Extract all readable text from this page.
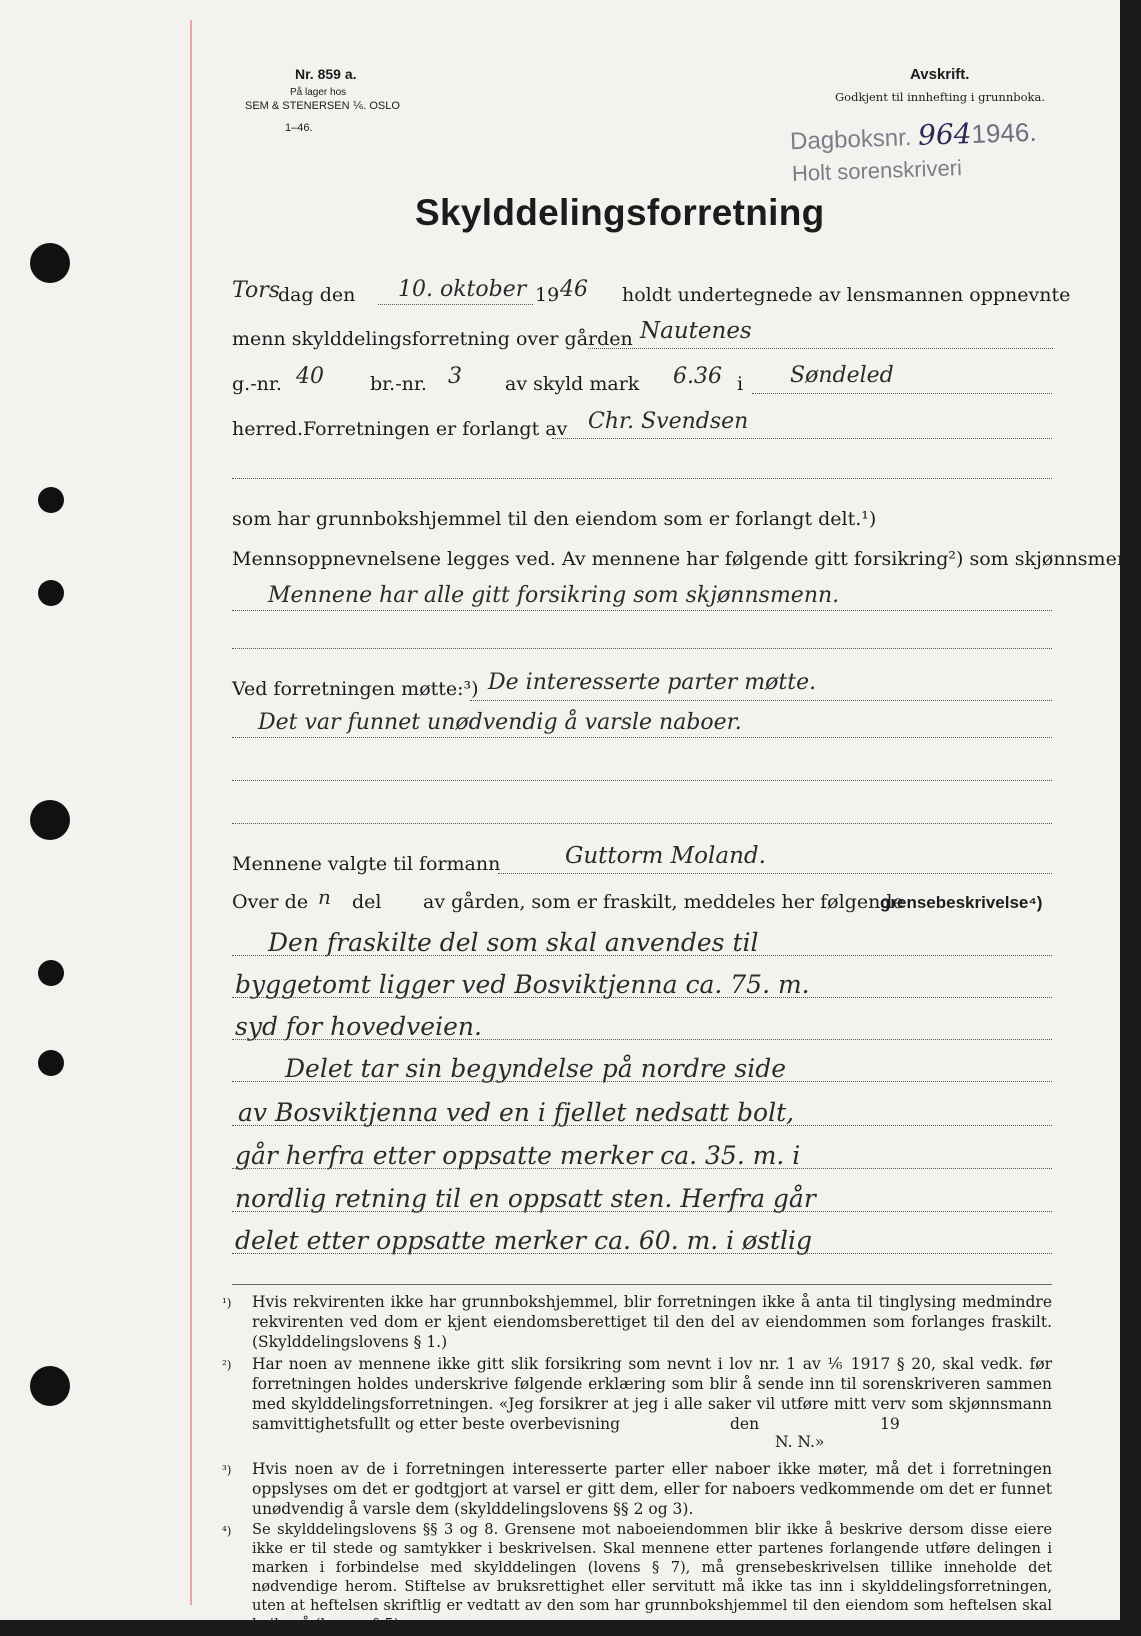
Nr. 859 a.
På lager hos
SEM & STENERSEN ⅙. OSLO
1–46.
Avskrift.
Godkjent til innhefting i grunnboka.
Dagboksnr. 9641946.
Holt sorenskriveri
Skylddelingsforretning
Tors
dag den 10. oktober 19 46 holdt undertegnede av lensmannen oppnevnte
menn skylddelingsforretning over gården Nautenes
g.-nr. 40 br.-nr. 3 av skyld mark 6.36 i Søndeled
herred. Forretningen er forlangt av Chr. Svendsen
som har grunnbokshjemmel til den eiendom som er forlangt delt.¹)
Mennsoppnevnelsene legges ved. Av mennene har følgende gitt forsikring²) som skjønnsmenn
Mennene har alle gitt forsikring som skjønnsmenn.
Ved forretningen møtte:³) De interesserte parter møtte.
Det var funnet unødvendig å varsle naboer.
Mennene valgte til formann	Guttorm Moland.
Over de n del av gården, som er fraskilt, meddeles her følgende
grensebeskrivelse⁴)
Den fraskilte del som skal anvendes til
byggetomt ligger ved Bosviktjenna ca. 75. m.
syd for hovedveien.
Delet tar sin begyndelse på nordre side
av Bosviktjenna ved en i fjellet nedsatt bolt,
går herfra etter oppsatte merker ca. 35. m. i
nordlig retning til en oppsatt sten. Herfra går
delet etter oppsatte merker ca. 60. m. i østlig
¹) Hvis rekvirenten ikke har grunnbokshjemmel, blir forretningen ikke å anta til tinglysing medmindre rekvirenten ved dom er kjent eiendomsberettiget til den del av eiendommen som forlanges fraskilt. (Skylddelingslovens § 1.)
²) Har noen av mennene ikke gitt slik forsikring som nevnt i lov nr. 1 av ⅙ 1917 § 20, skal vedk. før forretningen holdes underskrive følgende erklæring som blir å sende inn til sorenskriveren sammen med skylddelingsforretningen. «Jeg forsikrer at jeg i alle saker vil utføre mitt verv som skjønnsmann samvittighetsfullt og etter beste overbevisning	den	19
N. N.»
³) Hvis noen av de i forretningen interesserte parter eller naboer ikke møter, må det i forretningen oppslyses om det er godtgjort at varsel er gitt dem, eller for naboers vedkommende om det er funnet unødvendig å varsle dem (skylddelingslovens §§ 2 og 3).
⁴) Se skylddelingslovens §§ 3 og 8. Grensene mot naboeiendommen blir ikke å beskrive dersom disse eiere ikke er til stede og samtykker i beskrivelsen. Skal mennene etter partenes forlangende utføre delingen i marken i forbindelse med skylddelingen (lovens § 7), må grensebeskrivelsen tillike inneholde det nødvendige herom. Stiftelse av bruksrettighet eller servitutt må ikke tas inn i skylddelingsforretningen, uten at heftelsen skriftlig er vedtatt av den som har grunnbokshjemmel til den eiendom som heftelsen skal hvile på (lovens § 5)
